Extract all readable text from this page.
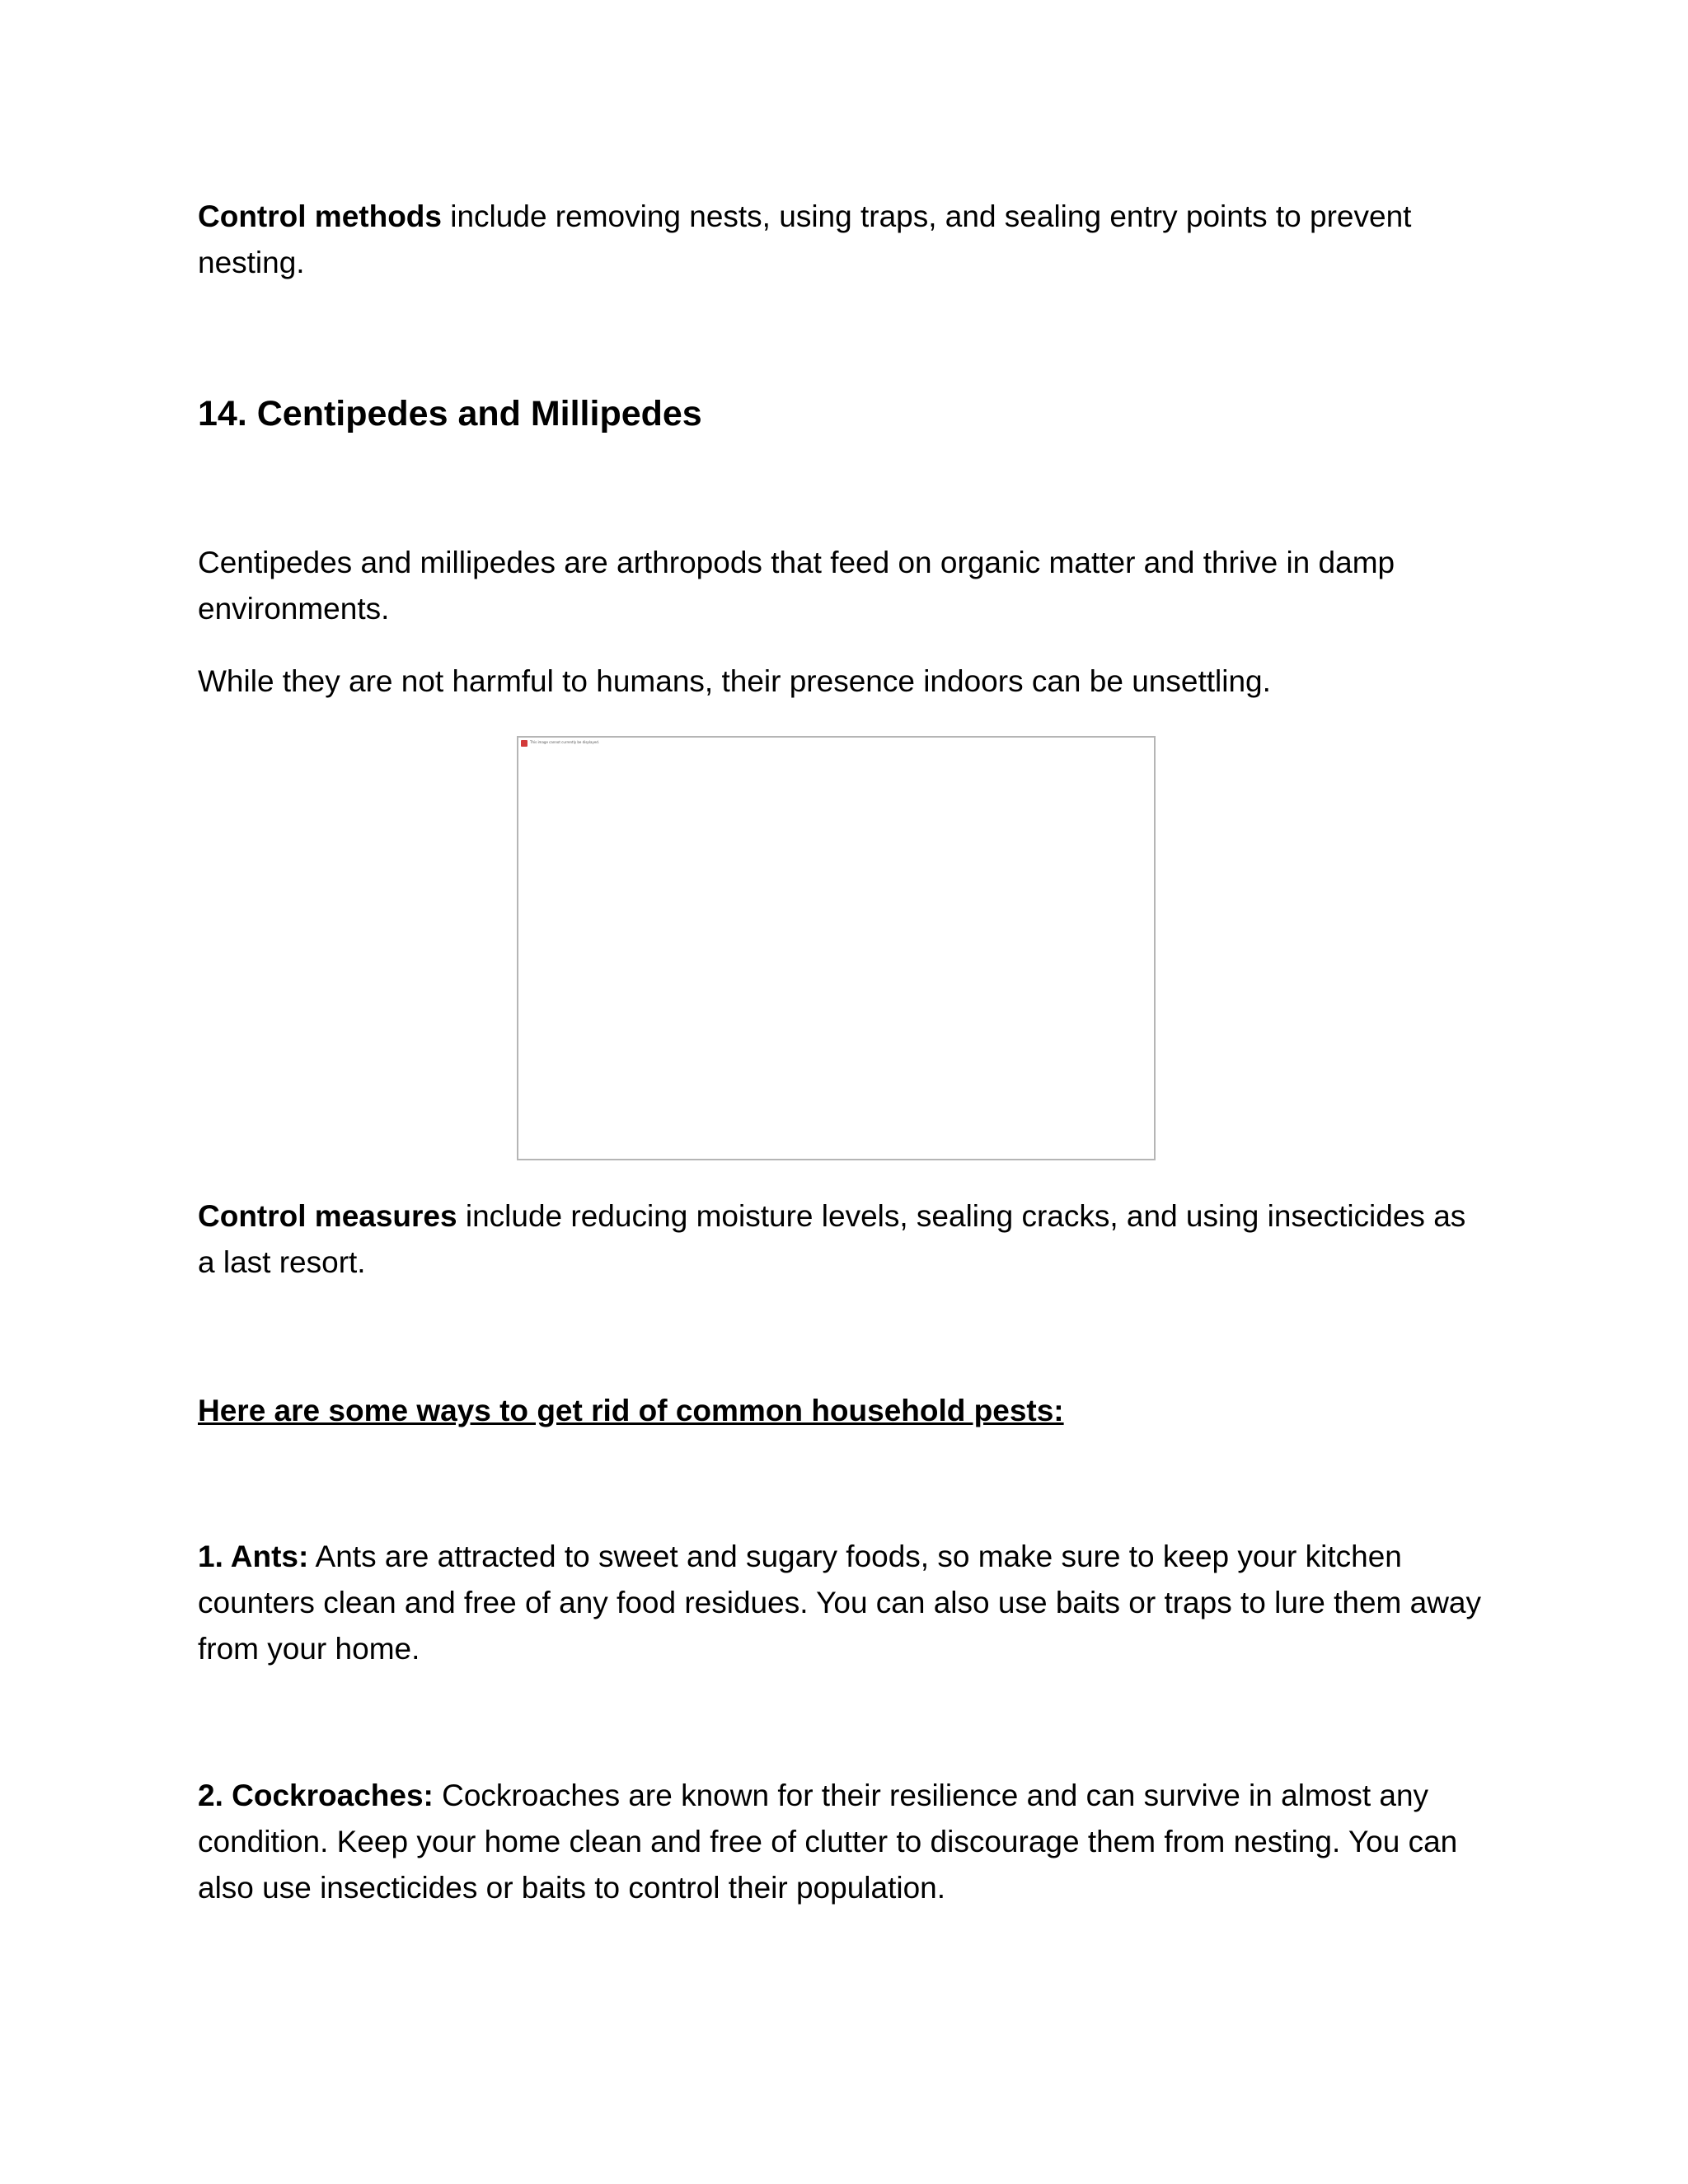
Control methods include removing nests, using traps, and sealing entry points to prevent nesting.

14. Centipedes and Millipedes

Centipedes and millipedes are arthropods that feed on organic matter and thrive in damp environments.

While they are not harmful to humans, their presence indoors can be unsettling.

This image cannot currently be displayed.

Control measures include reducing moisture levels, sealing cracks, and using insecticides as a last resort.

Here are some ways to get rid of common household pests:

1. Ants: Ants are attracted to sweet and sugary foods, so make sure to keep your kitchen counters clean and free of any food residues. You can also use baits or traps to lure them away from your home.

2. Cockroaches: Cockroaches are known for their resilience and can survive in almost any condition. Keep your home clean and free of clutter to discourage them from nesting. You can also use insecticides or baits to control their population.
